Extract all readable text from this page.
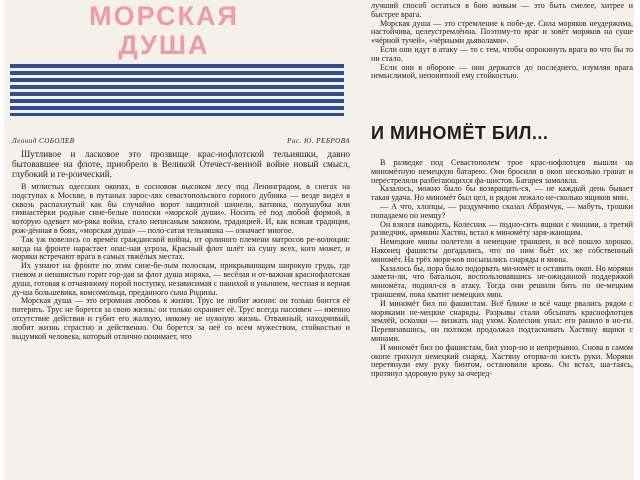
МОРСКАЯ
ДУША
Леонид СОБОЛЕВ	Рис. Ю. РЕБРОВА

Шутливое и ласковое это прозвище крас-нофлотской тельняшки, давно бытовавшее на флоте, приобрело в Великой Отечест-венной войне новый смысл, глубокий и ге-роический.

В мглистых одесских окопах, в сосновом высоком лесу под Ленинградом, в снегах на подступах к Москве, в путаных зарос-лях севастопольского горного дубняка — везде видел я сквозь распахнутый как бы случайно ворот защитной шинели, ватника, полушубка или гимнастёрки родные сине-белые полоски «морской души». Носить её под любой формой, в которую одевает мо-ряка война, стало неписаным законом, традицией. И, как всякая традиция, рож-дённая в боях, «морская душа» — поло-сатая тельняшка — означает многое.

Так уж повелось со времён гражданской войны, от орлиного племени матросов ре-волюции: когда на фронте нарастает опас-ная угроза, Красный флот шлёт на сушу всех, кого может, и моряки встречают врага в самых тяжёлых местах.

Их узнают на фронте по этим сине-бе-лым полоскам, прикрывающим широкую грудь, где гневом и ненавистью горит гор-дая за флот душа моряка, — весёлая и от-важная краснофлотская душа, готовая к отчаянному порой поступку, независимая с панихой и унынием, честная и верная ду-ша большевика, комсомольца, преданного сына Родины.

Морская душа — это огромная любовь к жизни. Трус не любит жизни: он только боится её потерять. Трус не борется за свою жизнь: он только охраняет её. Трус всегда пассивен — именно отсутствие действия и губит его жалкую, никому не нужную жизнь. Отважный, находчивый, любит жизнь страстно и действенно. Он борется за неё со всем мужеством, стойкостью и выдумкой человека, который отлично понимает, что

лучший способ остаться в бою живым — это быть смелее, хитрее и быстрее врага.

Морская душа — это стремление к побе-де. Сила моряков неудержима, настойчива, целеустремлённа. Поэтому-то враг и зовёт моряков на суше «чёрной тучей», «чёрными дьяволами».

Если они идут в атаку — то с тем, чтобы опрокинуть врага во что бы то ни стало.

Если они в обороне — они держатся до последнего, изумляя врага немыслимой, непонятной ему стойкостью.

И МИНОМЁТ БИЛ...

В разведке под Севастополем трое крас-нофлотцев вышли на миномётную немецкую батарею. Они бросили в окоп несколько гранат и перестреляли разбегающихся фа-шистов. Батарея замолкла.

Казалось, можно было бы возвращать-ся, — не каждый день бывает такая удача. Но миномёт был цел, и рядом лежало не-сколько ящиков мин.

— А что, хлопцы, — раздумчиво сказал Абрамчук, — мабуть, трошки попадаемо по немцу?

Он взялся наводить, Колесник — подно-сить ящики с минами, а третий разведчик, армянин Хастян, встал к миномёту заря-жающим.

Немецкие мины полетели в немецкие траншеи, и всё пошло хорошо. Наконец фашисты догадались, что по ним бьёт их же собственный миномёт. На трёх моря-ков посыпались снаряды и мины.

Казалось бы, пора было подорвать ми-номёт и оставить окоп. Но моряки замети-ли, что батальон, воспользовавшись не-ожиданной поддержкой миномёта, поднял-ся в атаку. Тогда они решили бить по не-мецким траншеям, пока хватит немецких мин.

И миномёт бил по фашистам. Всё ближе и всё чаще рвались рядом с моряками не-мецкие снаряды. Разрывы стали обсыпать краснофлотцев землёй, осколки — визжать над ухом. Колесник упал: его ранило в но-ги. Перевязавшись, он ползком продолжал подтаскивать Хастяну ящики с минами.

И миномёт бил по фашистам, бил упор-но и непрерывно. Снова в самом окопе грохнул немецкий снаряд. Хастяну оторва-ло кисть руки. Моряки перетянули ему руку бинтом, остановили кровь. Он встал, ша-таясь, протянул здоровую руку за очеред-
